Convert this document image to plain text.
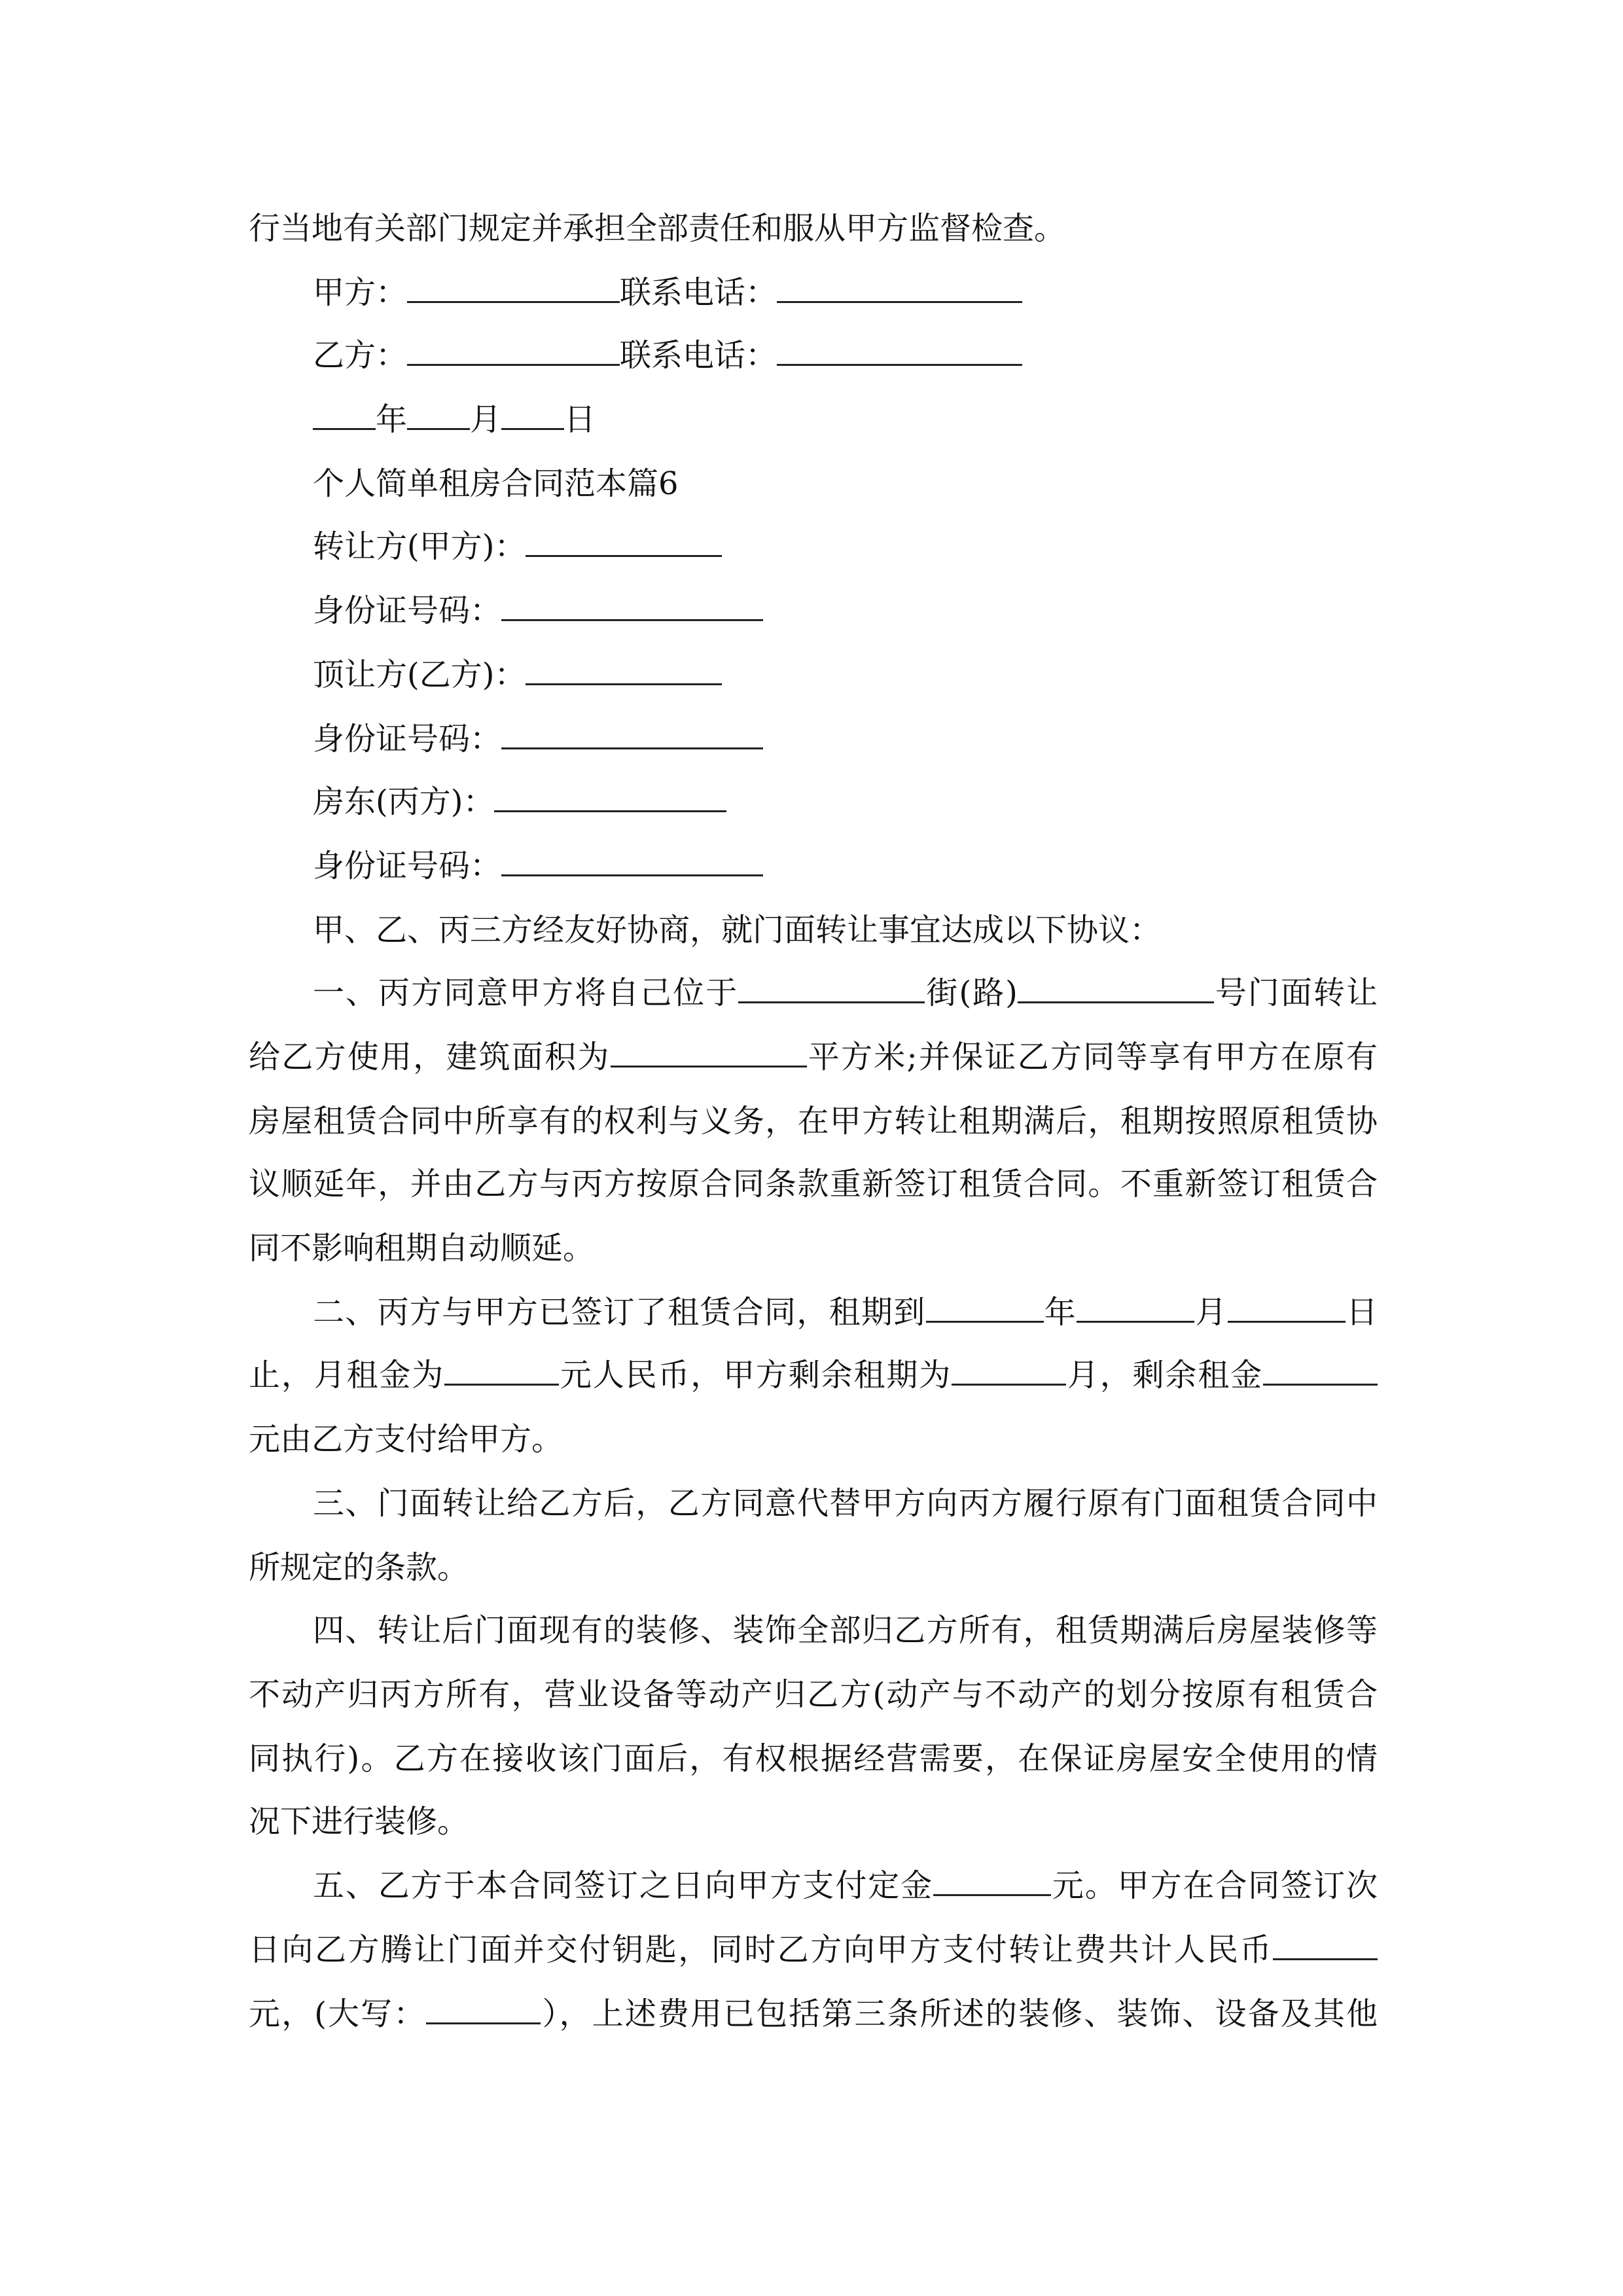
行当地有关部门规定并承担全部责任和服从甲方监督检查。
甲方：	联系电话：
乙方：	联系电话：
年 月 日
个人简单租房合同范本篇6
转让方(甲方)：
身份证号码：
顶让方(乙方)：
身份证号码：
房东(丙方)：
身份证号码：
甲、乙、丙三方经友好协商，就门面转让事宜达成以下协议：
一、丙方同意甲方将自己位于	街(路)	号门面转让
给乙方使用，建筑面积为	平方米;并保证乙方同等享有甲方在原有
房屋租赁合同中所享有的权利与义务，在甲方转让租期满后，租期按照原租赁协
议顺延年，并由乙方与丙方按原合同条款重新签订租赁合同。不重新签订租赁合
同不影响租期自动顺延。
二、丙方与甲方已签订了租赁合同，租期到	年	月	日
止，月租金为	元人民币，甲方剩余租期为	月，剩余租金
元由乙方支付给甲方。
三、门面转让给乙方后，乙方同意代替甲方向丙方履行原有门面租赁合同中
所规定的条款。
四、转让后门面现有的装修、装饰全部归乙方所有，租赁期满后房屋装修等
不动产归丙方所有，营业设备等动产归乙方(动产与不动产的划分按原有租赁合
同执行)。乙方在接收该门面后，有权根据经营需要，在保证房屋安全使用的情
况下进行装修。
五、乙方于本合同签订之日向甲方支付定金	元。甲方在合同签订次
日向乙方腾让门面并交付钥匙，同时乙方向甲方支付转让费共计人民币
元，(大写：	），上述费用已包括第三条所述的装修、装饰、设备及其他
